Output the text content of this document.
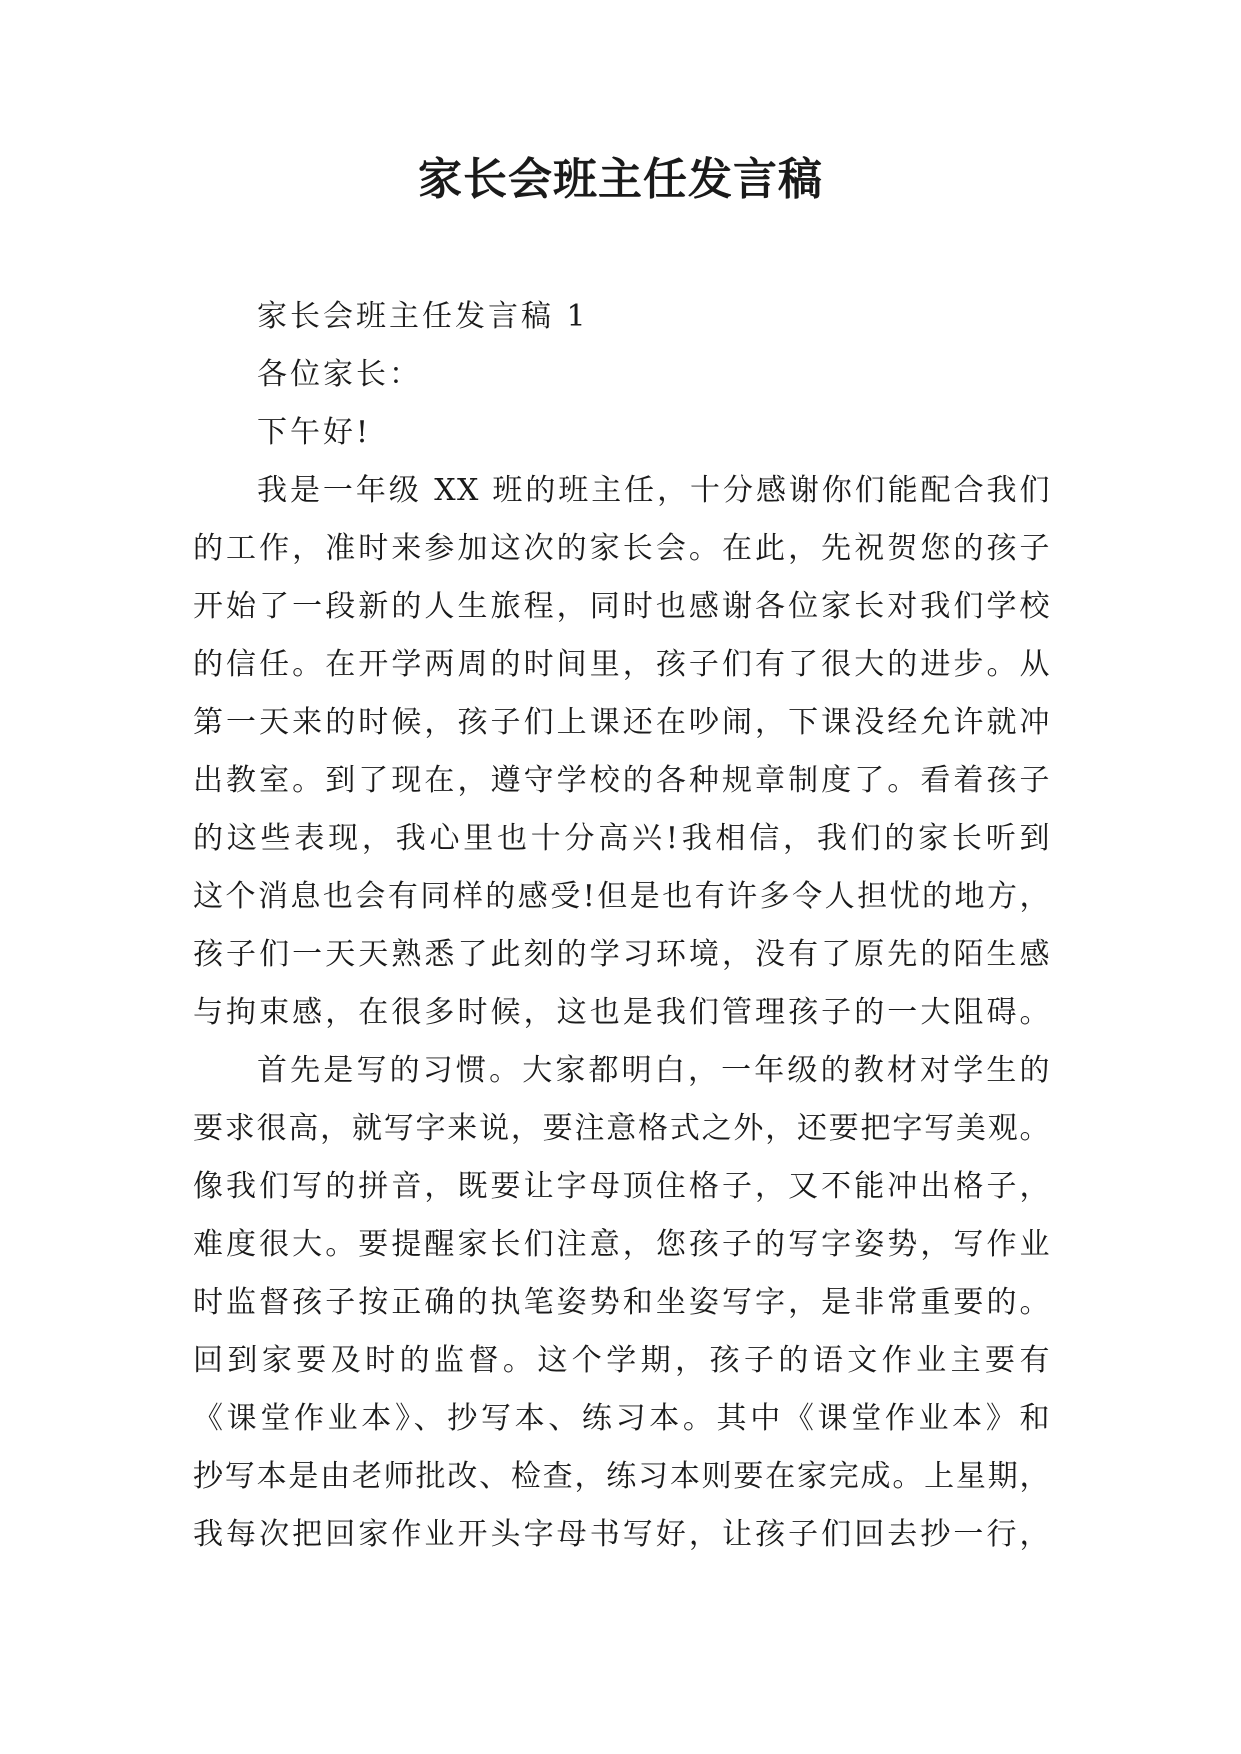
家长会班主任发言稿
家长会班主任发言稿 1
各位家长：
下午好!
我是一年级 XX 班的班主任，十分感谢你们能配合我们
的工作，准时来参加这次的家长会。在此，先祝贺您的孩子
开始了一段新的人生旅程，同时也感谢各位家长对我们学校
的信任。在开学两周的时间里，孩子们有了很大的进步。从
第一天来的时候，孩子们上课还在吵闹，下课没经允许就冲
出教室。到了现在，遵守学校的各种规章制度了。看着孩子
的这些表现，我心里也十分高兴!我相信，我们的家长听到
这个消息也会有同样的感受!但是也有许多令人担忧的地方，
孩子们一天天熟悉了此刻的学习环境，没有了原先的陌生感
与拘束感，在很多时候，这也是我们管理孩子的一大阻碍。
首先是写的习惯。大家都明白，一年级的教材对学生的
要求很高，就写字来说，要注意格式之外，还要把字写美观。
像我们写的拼音，既要让字母顶住格子，又不能冲出格子，
难度很大。要提醒家长们注意，您孩子的写字姿势，写作业
时监督孩子按正确的执笔姿势和坐姿写字，是非常重要的。
回到家要及时的监督。这个学期，孩子的语文作业主要有
《课堂作业本》、抄写本、练习本。其中《课堂作业本》和
抄写本是由老师批改、检查，练习本则要在家完成。上星期，
我每次把回家作业开头字母书写好，让孩子们回去抄一行，
